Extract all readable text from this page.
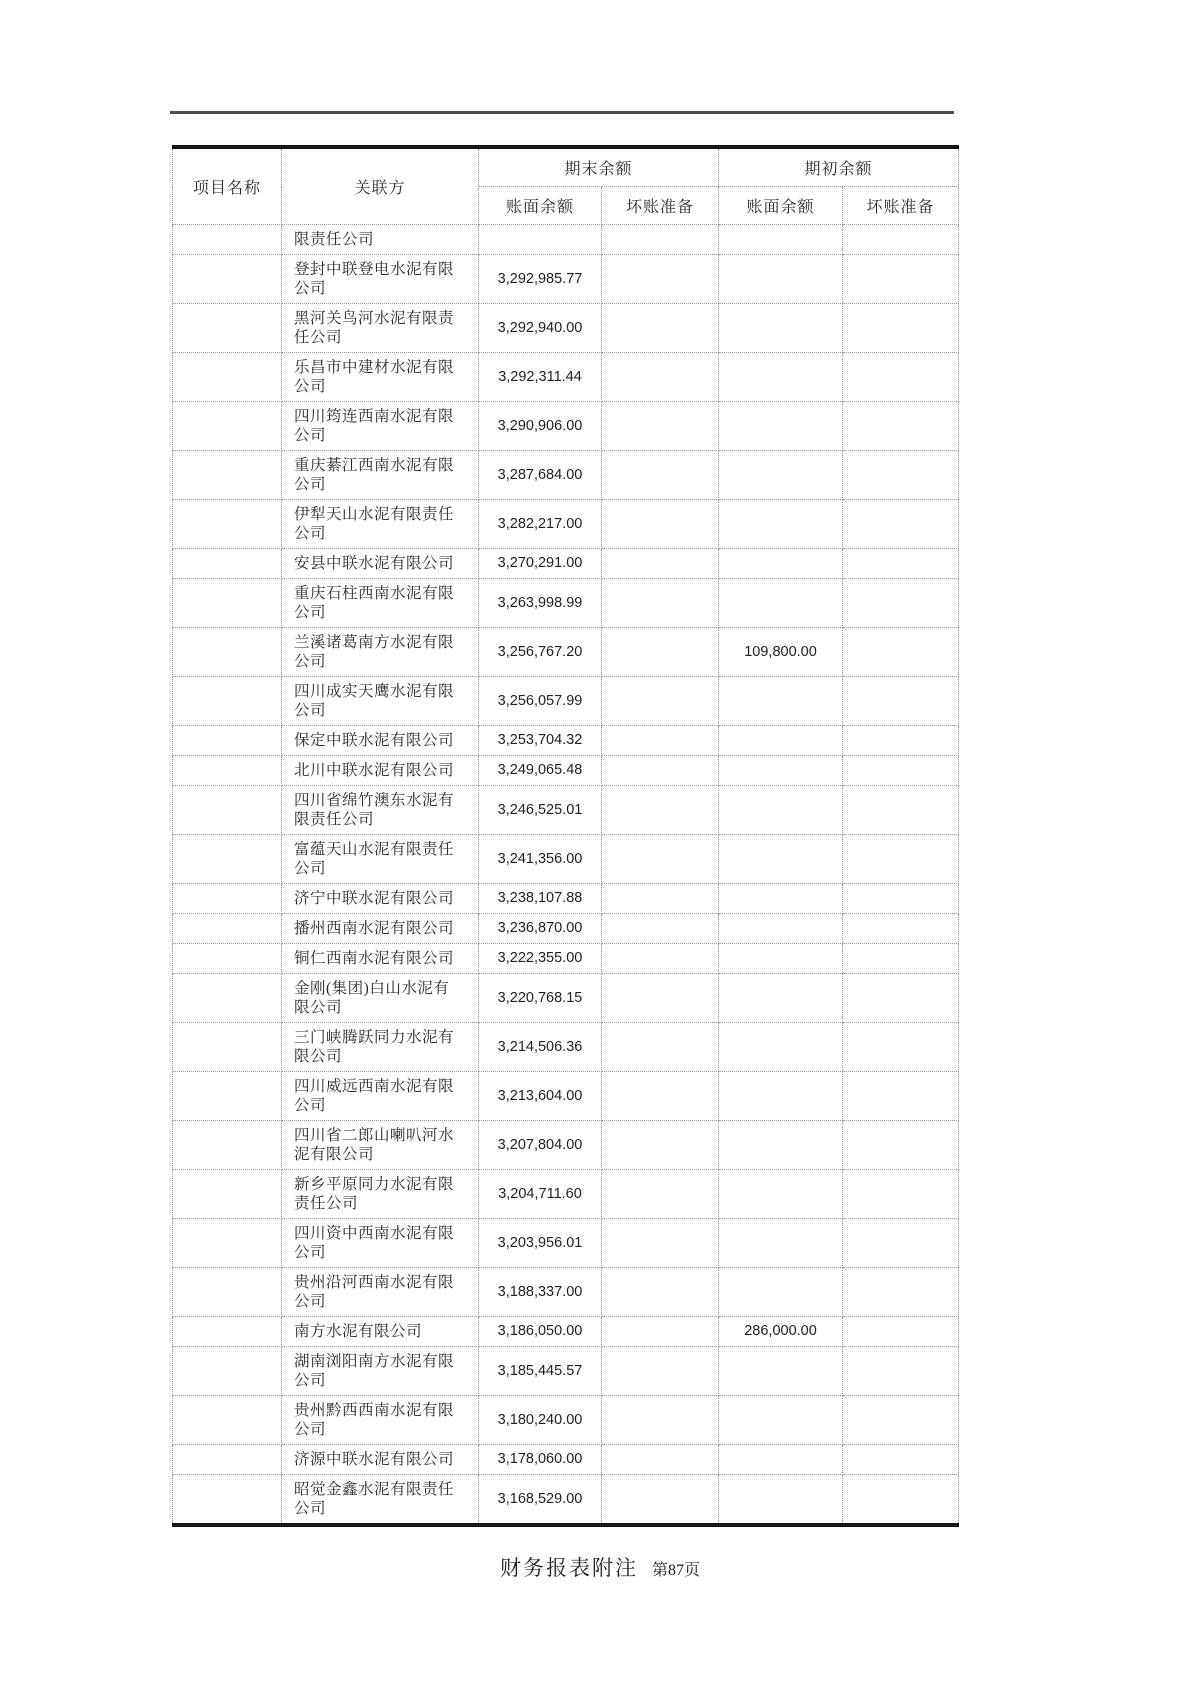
项目名称	关联方	期末余额		期初余额	
		账面余额	坏账准备	账面余额	坏账准备
	限责任公司				
	登封中联登电水泥有限公司	3,292,985.77			
	黑河关鸟河水泥有限责任公司	3,292,940.00			
	乐昌市中建材水泥有限公司	3,292,311.44			
	四川筠连西南水泥有限公司	3,290,906.00			
	重庆綦江西南水泥有限公司	3,287,684.00			
	伊犁天山水泥有限责任公司	3,282,217.00			
	安县中联水泥有限公司	3,270,291.00			
	重庆石柱西南水泥有限公司	3,263,998.99			
	兰溪诸葛南方水泥有限公司	3,256,767.20		109,800.00	
	四川成实天鹰水泥有限公司	3,256,057.99			
	保定中联水泥有限公司	3,253,704.32			
	北川中联水泥有限公司	3,249,065.48			
	四川省绵竹澳东水泥有限责任公司	3,246,525.01			
	富蕴天山水泥有限责任公司	3,241,356.00			
	济宁中联水泥有限公司	3,238,107.88			
	播州西南水泥有限公司	3,236,870.00			
	铜仁西南水泥有限公司	3,222,355.00			
	金刚(集团)白山水泥有限公司	3,220,768.15			
	三门峡腾跃同力水泥有限公司	3,214,506.36			
	四川威远西南水泥有限公司	3,213,604.00			
	四川省二郎山喇叭河水泥有限公司	3,207,804.00			
	新乡平原同力水泥有限责任公司	3,204,711.60			
	四川资中西南水泥有限公司	3,203,956.01			
	贵州沿河西南水泥有限公司	3,188,337.00			
	南方水泥有限公司	3,186,050.00		286,000.00	
	湖南浏阳南方水泥有限公司	3,185,445.57			
	贵州黔西西南水泥有限公司	3,180,240.00			
	济源中联水泥有限公司	3,178,060.00			
	昭觉金鑫水泥有限责任公司	3,168,529.00			
财务报表附注 第87页
